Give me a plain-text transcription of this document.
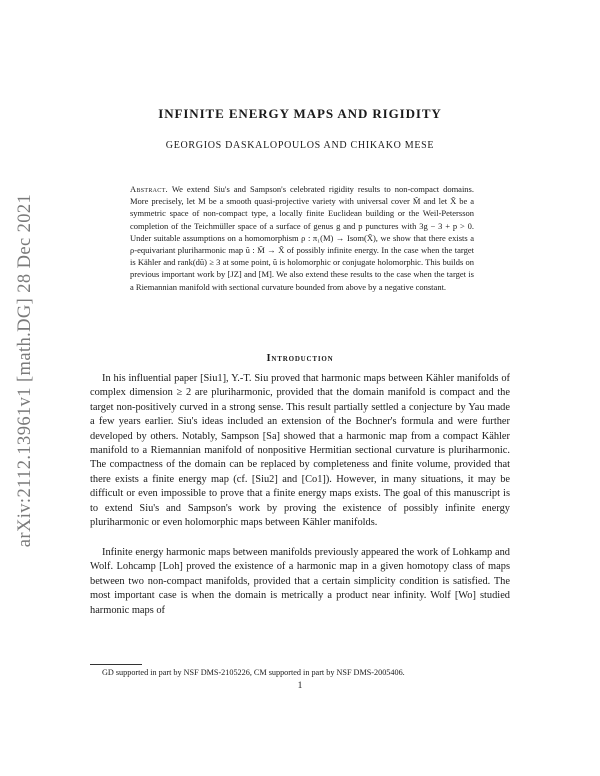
arXiv:2112.13961v1 [math.DG] 28 Dec 2021
INFINITE ENERGY MAPS AND RIGIDITY
GEORGIOS DASKALOPOULOS AND CHIKAKO MESE

Abstract. We extend Siu's and Sampson's celebrated rigidity results to non-compact domains. More precisely, let M be a smooth quasi-projective variety with universal cover M̃ and let X̃ be a symmetric space of non-compact type, a locally finite Euclidean building or the Weil-Petersson completion of the Teichmüller space of a surface of genus g and p punctures with 3g − 3 + p > 0. Under suitable assumptions on a homomorphism ρ : π₁(M) → Isom(X̃), we show that there exists a ρ-equivariant pluriharmonic map ũ : M̃ → X̃ of possibly infinite energy. In the case when the target is Kähler and rank(dũ) ≥ 3 at some point, ũ is holomorphic or conjugate holomorphic. This builds on previous important work by [JZ] and [M]. We also extend these results to the case when the target is a Riemannian manifold with sectional curvature bounded from above by a negative constant.

Introduction

In his influential paper [Siu1], Y.-T. Siu proved that harmonic maps between Kähler manifolds of complex dimension ≥ 2 are pluriharmonic, provided that the domain manifold is compact and the target non-positively curved in a strong sense. This result partially settled a conjecture by Yau made a few years earlier. Siu's ideas included an extension of the Bochner's formula and were further developed by others. Notably, Sampson [Sa] showed that a harmonic map from a compact Kähler manifold to a Riemannian manifold of nonpositive Hermitian sectional curvature is pluriharmonic. The compactness of the domain can be replaced by completeness and finite volume, provided that there exists a finite energy map (cf. [Siu2] and [Co1]). However, in many situations, it may be difficult or even impossible to prove that a finite energy maps exists. The goal of this manuscript is to extend Siu's and Sampson's work by proving the existence of possibly infinite energy pluriharmonic or even holomorphic maps between Kähler manifolds.

Infinite energy harmonic maps between manifolds previously appeared the work of Lohkamp and Wolf. Lohcamp [Loh] proved the existence of a harmonic map in a given homotopy class of maps between two non-compact manifolds, provided that a certain simplicity condition is satisfied. The most important case is when the domain is metrically a product near infinity. Wolf [Wo] studied harmonic maps of

GD supported in part by NSF DMS-2105226, CM supported in part by NSF DMS-2005406.

1
